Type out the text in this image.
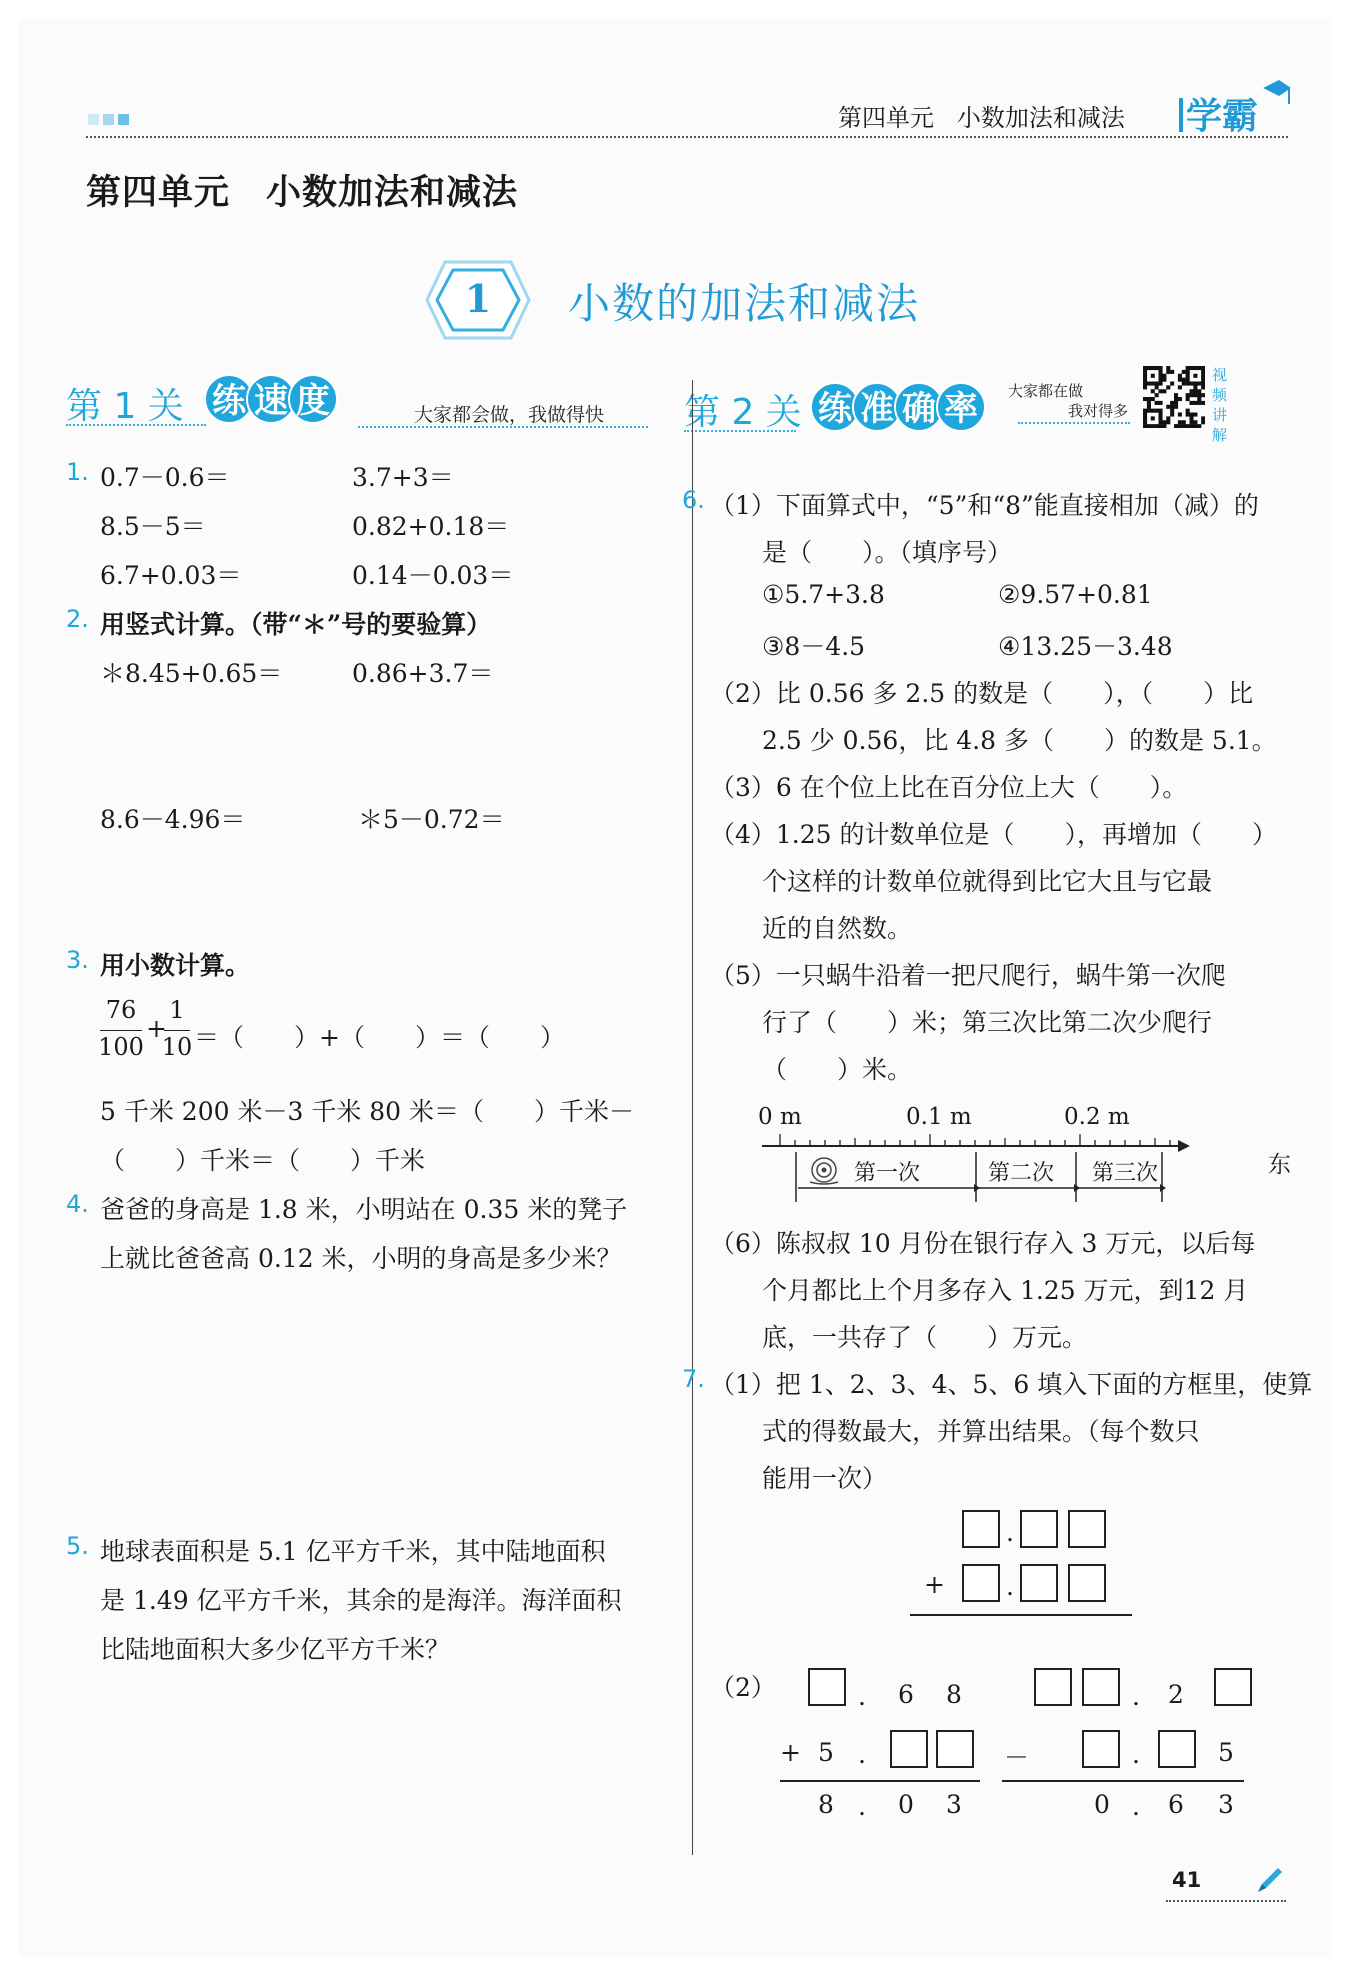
第四单元 小数加法和减法 学霸
第四单元　小数加法和减法
1	小数的加法和减法
第 1 关 练 速 度	大家都会做，我做得快 第 2 关 练 准 确 率 大家都在做
我对得多
视
频
讲
解
1. 0.7－0.6＝	3.7+3＝
8.5－5＝	0.82+0.18＝
6.7+0.03＝	0.14－0.03＝
2. 用竖式计算。（带“＊”号的要验算）
＊8.45+0.65＝	0.86+3.7＝
8.6－4.96＝	＊5－0.72＝
3. 用小数计算。
76
100
+
1
10 ＝（　　）+（　　）＝（　　）
5 千米 200 米－3 千米 80 米＝（　　）千米－
（　　）千米＝（　　）千米
4. 爸爸的身高是 1.8 米，小明站在 0.35 米的凳子
上就比爸爸高 0.12 米，小明的身高是多少米？
5. 地球表面积是 5.1 亿平方千米，其中陆地面积
是 1.49 亿平方千米，其余的是海洋。海洋面积
比陆地面积大多少亿平方千米？
6. （1）下面算式中，“5”和“8”能直接相加（减）的
是（　　）。（填序号）
①5.7+3.8	②9.57+0.81
③8－4.5	④13.25－3.48
（2）比 0.56 多 2.5 的数是（　　），（　　）比
2.5 少 0.56，比 4.8 多（　　）的数是 5.1。
（3）6 在个位上比在百分位上大（　　）。
（4）1.25 的计数单位是（　　），再增加（　　）
个这样的计数单位就得到比它大且与它最
近的自然数。
（5）一只蜗牛沿着一把尺爬行，蜗牛第一次爬
行了（　　）米；第三次比第二次少爬行
（　　）米。
0 m	0.1 m	0.2 m
东
第一次	第二次 第三次
（6）陈叔叔 10 月份在银行存入 3 万元，以后每
个月都比上个月多存入 1.25 万元，到12 月
底，一共存了（　　）万元。
7. （1）把 1、2、3、4、5、6 填入下面的方框里，使算
式的得数最大，并算出结果。（每个数只
能用一次）
.
+ .
（2）	. 6 8
+ 5 .
8 . 0 3
. 2
－	.	5
0 . 6 3
41
